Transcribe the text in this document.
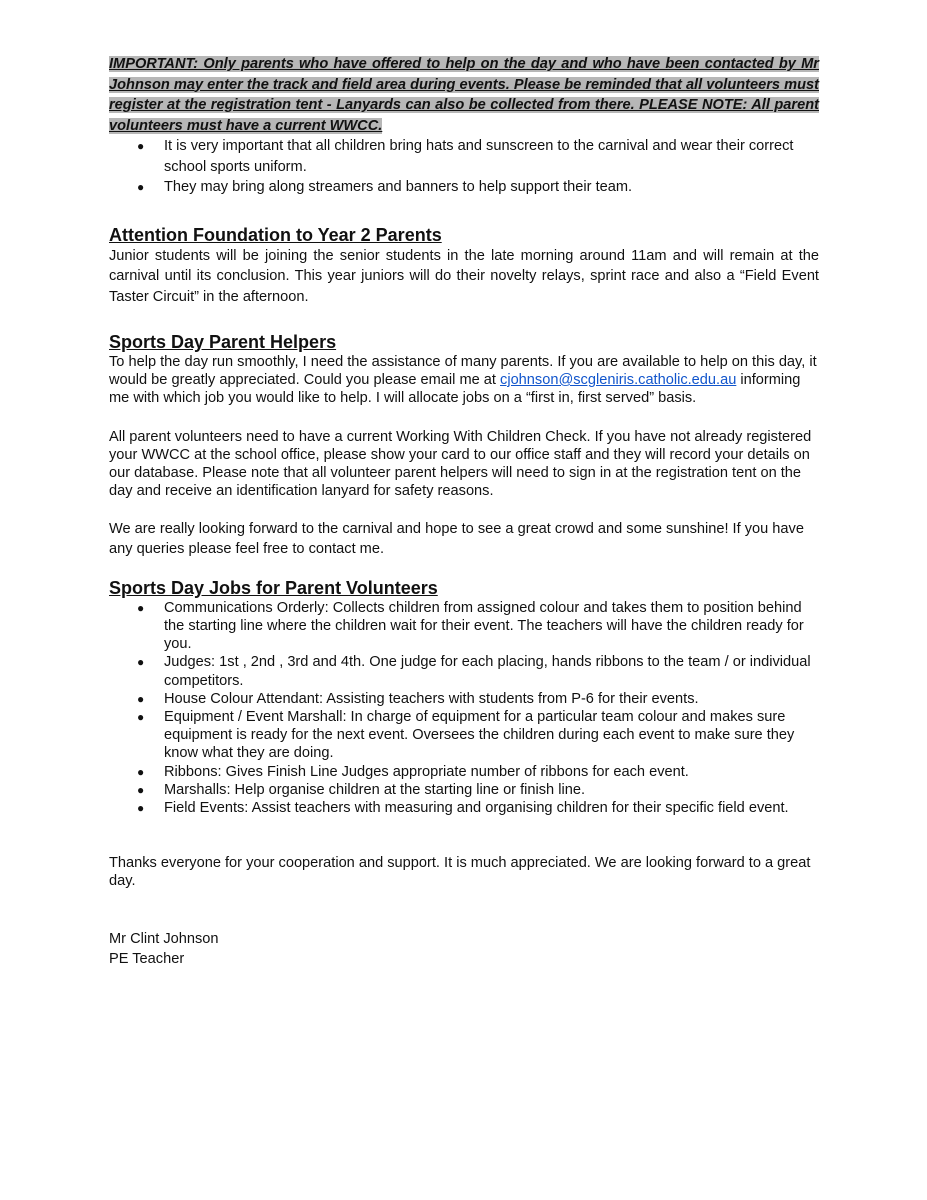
IMPORTANT: Only parents who have offered to help on the day and who have been contacted by Mr Johnson may enter the track and field area during events. Please be reminded that all volunteers must register at the registration tent - Lanyards can also be collected from there. PLEASE NOTE: All parent volunteers must have a current WWCC.

● It is very important that all children bring hats and sunscreen to the carnival and wear their correct school sports uniform.
● They may bring along streamers and banners to help support their team.
Attention Foundation to Year 2 Parents

Junior students will be joining the senior students in the late morning around 11am and will remain at the carnival until its conclusion. This year juniors will do their novelty relays, sprint race and also a “Field Event Taster Circuit” in the afternoon.

Sports Day Parent Helpers

To help the day run smoothly, I need the assistance of many parents. If you are available to help on this day, it would be greatly appreciated. Could you please email me at cjohnson@scgleniris.catholic.edu.au informing me with which job you would like to help. I will allocate jobs on a “first in, first served” basis.

All parent volunteers need to have a current Working With Children Check. If you have not already registered your WWCC at the school office, please show your card to our office staff and they will record your details on our database. Please note that all volunteer parent helpers will need to sign in at the registration tent on the day and receive an identification lanyard for safety reasons.

We are really looking forward to the carnival and hope to see a great crowd and some sunshine! If you have any queries please feel free to contact me.

Sports Day Jobs for Parent Volunteers
● Communications Orderly: Collects children from assigned colour and takes them to position behind the starting line where the children wait for their event. The teachers will have the children ready for you.
● Judges: 1st , 2nd , 3rd and 4th. One judge for each placing, hands ribbons to the team / or individual competitors.
● House Colour Attendant: Assisting teachers with students from P-6 for their events.
● Equipment / Event Marshall: In charge of equipment for a particular team colour and makes sure equipment is ready for the next event. Oversees the children during each event to make sure they know what they are doing.
● Ribbons: Gives Finish Line Judges appropriate number of ribbons for each event.
● Marshalls: Help organise children at the starting line or finish line.
● Field Events: Assist teachers with measuring and organising children for their specific field event.

Thanks everyone for your cooperation and support. It is much appreciated. We are looking forward to a great day.

Mr Clint Johnson

PE Teacher
